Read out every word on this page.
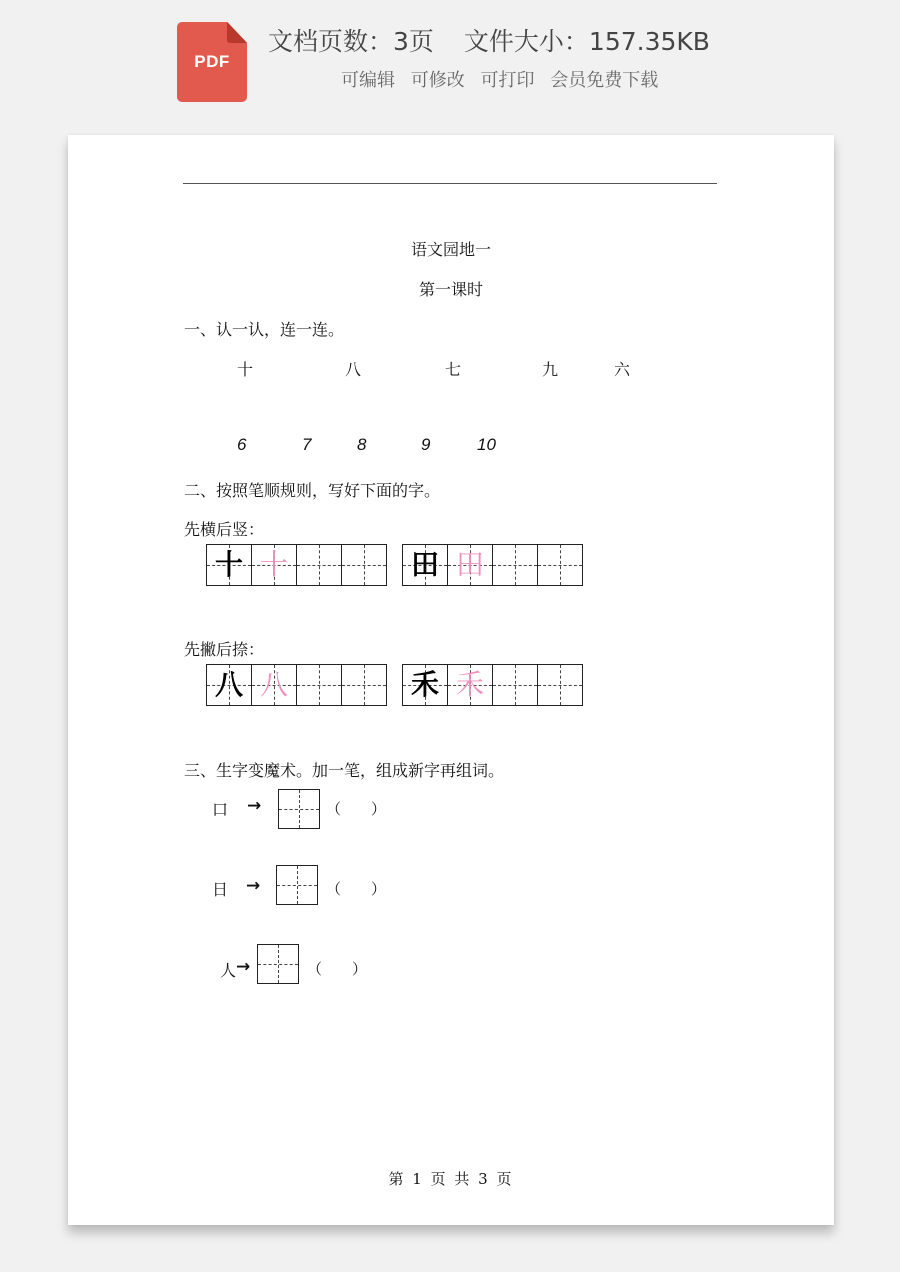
PDF
文档页数：3页 文件大小：157.35KB
可编辑 可修改 可打印 会员免费下载
语文园地一
第一课时
一、认一认，连一连。
十	八	七	九	六
6	7	8	9	10
二、按照笔顺规则，写好下面的字。
先横后竖：
十 十	田 田
先撇后捺：
八 八	禾 禾
三、生字变魔术。加一笔，组成新字再组词。
口 →	（　　）
日 →	（　　）
人 →	（　　）
第 1 页 共 3 页
